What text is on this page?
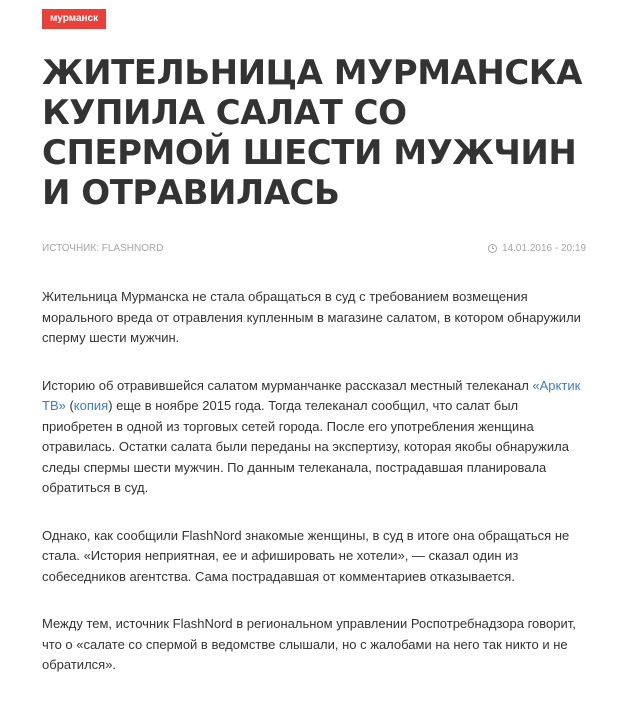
мурманск
ЖИТЕЛЬНИЦА МУРМАНСКА КУПИЛА САЛАТ СО СПЕРМОЙ ШЕСТИ МУЖЧИН И ОТРАВИЛАСЬ
ИСТОЧНИК: FLASHNORD	14.01.2016 - 20:19

Жительница Мурманска не стала обращаться в суд с требованием возмещения морального вреда от отравления купленным в магазине салатом, в котором обнаружили сперму шести мужчин.

Историю об отравившейся салатом мурманчанке рассказал местный телеканал «Арктик ТВ» (копия) еще в ноябре 2015 года. Тогда телеканал сообщил, что салат был приобретен в одной из торговых сетей города. После его употребления женщина отравилась. Остатки салата были переданы на экспертизу, которая якобы обнаружила следы спермы шести мужчин. По данным телеканала, пострадавшая планировала обратиться в суд.

Однако, как сообщили FlashNord знакомые женщины, в суд в итоге она обращаться не стала. «История неприятная, ее и афишировать не хотели», — сказал один из собеседников агентства. Сама пострадавшая от комментариев отказывается.

Между тем, источник FlashNord в региональном управлении Роспотребнадзора говорит, что о «салате со спермой в ведомстве слышали, но с жалобами на него так никто и не обратился».
